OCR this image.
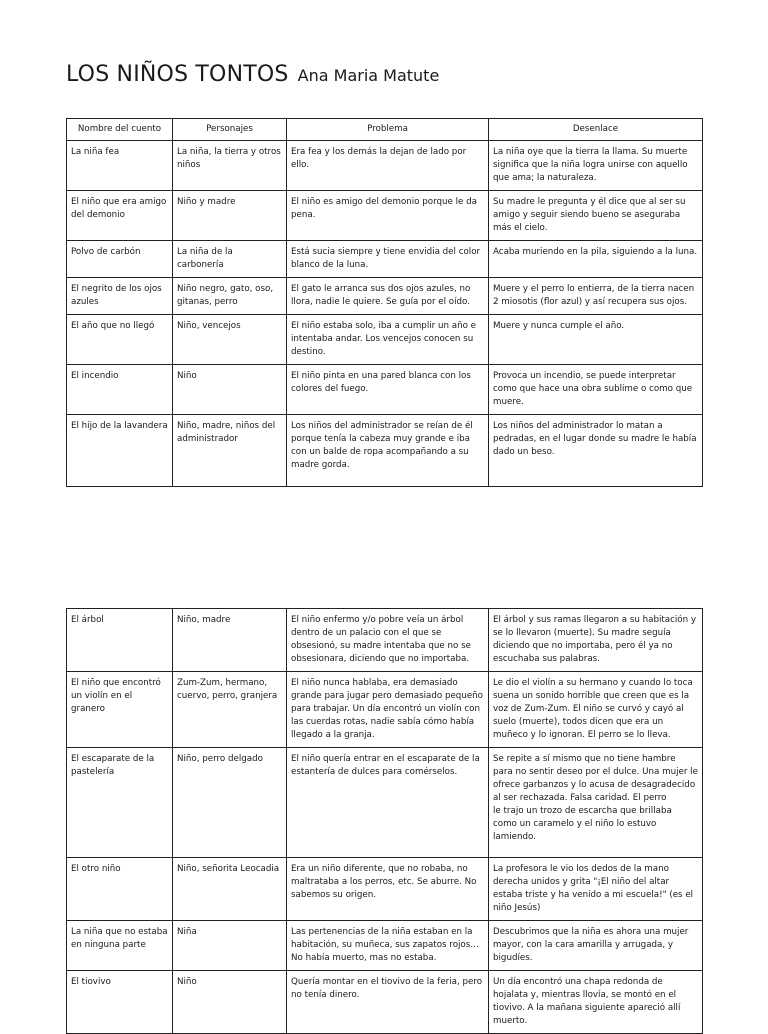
LOS NIÑOS TONTOS Ana Maria Matute
Nombre del cuento	Personajes	Problema	Desenlace
La niña fea	La niña, la tierra y otros niños	Era fea y los demás la dejan de lado por ello.	La niña oye que la tierra la llama. Su muerte significa que la niña logra unirse con aquello que ama; la naturaleza.
El niño que era amigo del demonio	Niño y madre	El niño es amigo del demonio porque le da pena.	Su madre le pregunta y él dice que al ser su amigo y seguir siendo bueno se aseguraba más el cielo.
Polvo de carbón	La niña de la carbonería	Está sucia siempre y tiene envidia del color blanco de la luna.	Acaba muriendo en la pila, siguiendo a la luna.
El negrito de los ojos azules	Niño negro, gato, oso, gitanas, perro	El gato le arranca sus dos ojos azules, no llora, nadie le quiere. Se guía por el oído.	Muere y el perro lo entierra, de la tierra nacen 2 miosotis (flor azul) y así recupera sus ojos.
El año que no llegó	Niño, vencejos	El niño estaba solo, iba a cumplir un año e intentaba andar. Los vencejos conocen su destino.	Muere y nunca cumple el año.
El incendio	Niño	El niño pinta en una pared blanca con los colores del fuego.	Provoca un incendio, se puede interpretar como que hace una obra sublime o como que muere.
El hijo de la lavandera	Niño, madre, niños del administrador	Los niños del administrador se reían de él porque tenía la cabeza muy grande e iba con un balde de ropa acompañando a su madre gorda.	Los niños del administrador lo matan a pedradas, en el lugar donde su madre le había dado un beso.
El árbol	Niño, madre	El niño enfermo y/o pobre veía un árbol dentro de un palacio con el que se obsesionó, su madre intentaba que no se obsesionara, diciendo que no importaba.	El árbol y sus ramas llegaron a su habitación y se lo llevaron (muerte). Su madre seguía diciendo que no importaba, pero él ya no escuchaba sus palabras.
El niño que encontró un violín en el granero	Zum-Zum, hermano, cuervo, perro, granjera	El niño nunca hablaba, era demasiado grande para jugar pero demasiado pequeño para trabajar. Un día encontró un violín con las cuerdas rotas, nadie sabía cómo había llegado a la granja.	Le dio el violín a su hermano y cuando lo toca suena un sonido horrible que creen que es la voz de Zum-Zum. El niño se curvó y cayó al suelo (muerte), todos dicen que era un muñeco y lo ignoran. El perro se lo lleva.
El escaparate de la pastelería	Niño, perro delgado	El niño quería entrar en el escaparate de la estantería de dulces para comérselos.	Se repite a sí mismo que no tiene hambre para no sentir deseo por el dulce. Una mujer le ofrece garbanzos y lo acusa de desagradecido al ser rechazada. Falsa caridad. El perro
le trajo un trozo de escarcha que brillaba como un caramelo y el niño lo estuvo lamiendo.
El otro niño	Niño, señorita Leocadia	Era un niño diferente, que no robaba, no maltrataba a los perros, etc. Se aburre. No sabemos su origen.	La profesora le vio los dedos de la mano derecha unidos y grita "¡El niño del altar estaba triste y ha venido a mi escuela!" (es el niño Jesús)
La niña que no estaba en ninguna parte	Niña	Las pertenencias de la niña estaban en la habitación, su muñeca, sus zapatos rojos…No había muerto, mas no estaba.	Descubrimos que la niña es ahora una mujer mayor, con la cara amarilla y arrugada, y bigudíes.
El tiovivo	Niño	Quería montar en el tiovivo de la feria, pero no tenía dinero.	Un día encontró una chapa redonda de hojalata y, mientras llovía, se montó en el tiovivo. A la mañana siguiente apareció allí muerto.
